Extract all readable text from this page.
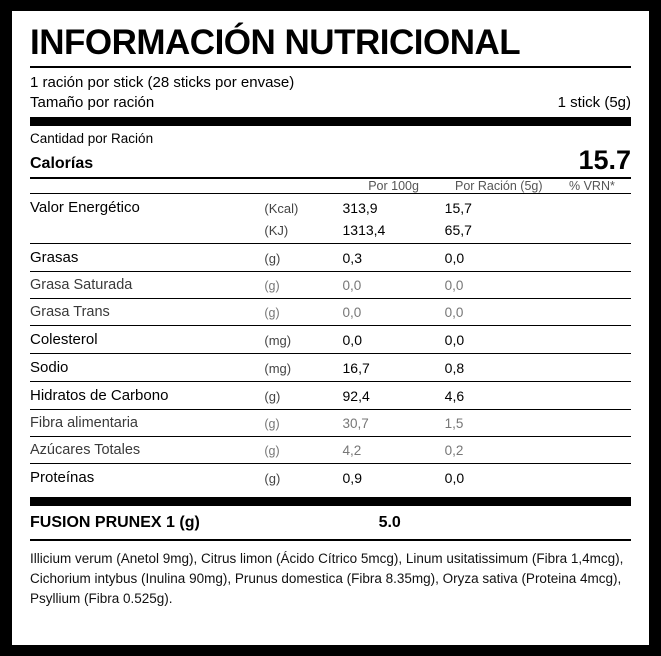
INFORMACIÓN NUTRICIONAL
1 ración por stick (28 sticks por envase)
Tamaño por ración	1 stick (5g)
Cantidad por Ración
Calorías	15.7
		Por 100g	Por Ración (5g)	% VRN*
Valor Energético	(Kcal)	313,9	15,7	
	(KJ)	1313,4	65,7	
Grasas	(g)	0,3	0,0	
Grasa Saturada	(g)	0,0	0,0	
Grasa Trans	(g)	0,0	0,0	
Colesterol	(mg)	0,0	0,0	
Sodio	(mg)	16,7	0,8	
Hidratos de Carbono	(g)	92,4	4,6	
Fibra alimentaria	(g)	30,7	1,5	
Azúcares Totales	(g)	4,2	0,2	
Proteínas	(g)	0,9	0,0	
FUSION PRUNEX 1 (g)	5.0
Illicium verum (Anetol 9mg), Citrus limon (Ácido Cítrico 5mcg), Linum usitatissimum (Fibra 1,4mcg), Cichorium intybus (Inulina 90mg), Prunus domestica (Fibra 8.35mg), Oryza sativa (Proteina 4mcg), Psyllium (Fibra 0.525g).
